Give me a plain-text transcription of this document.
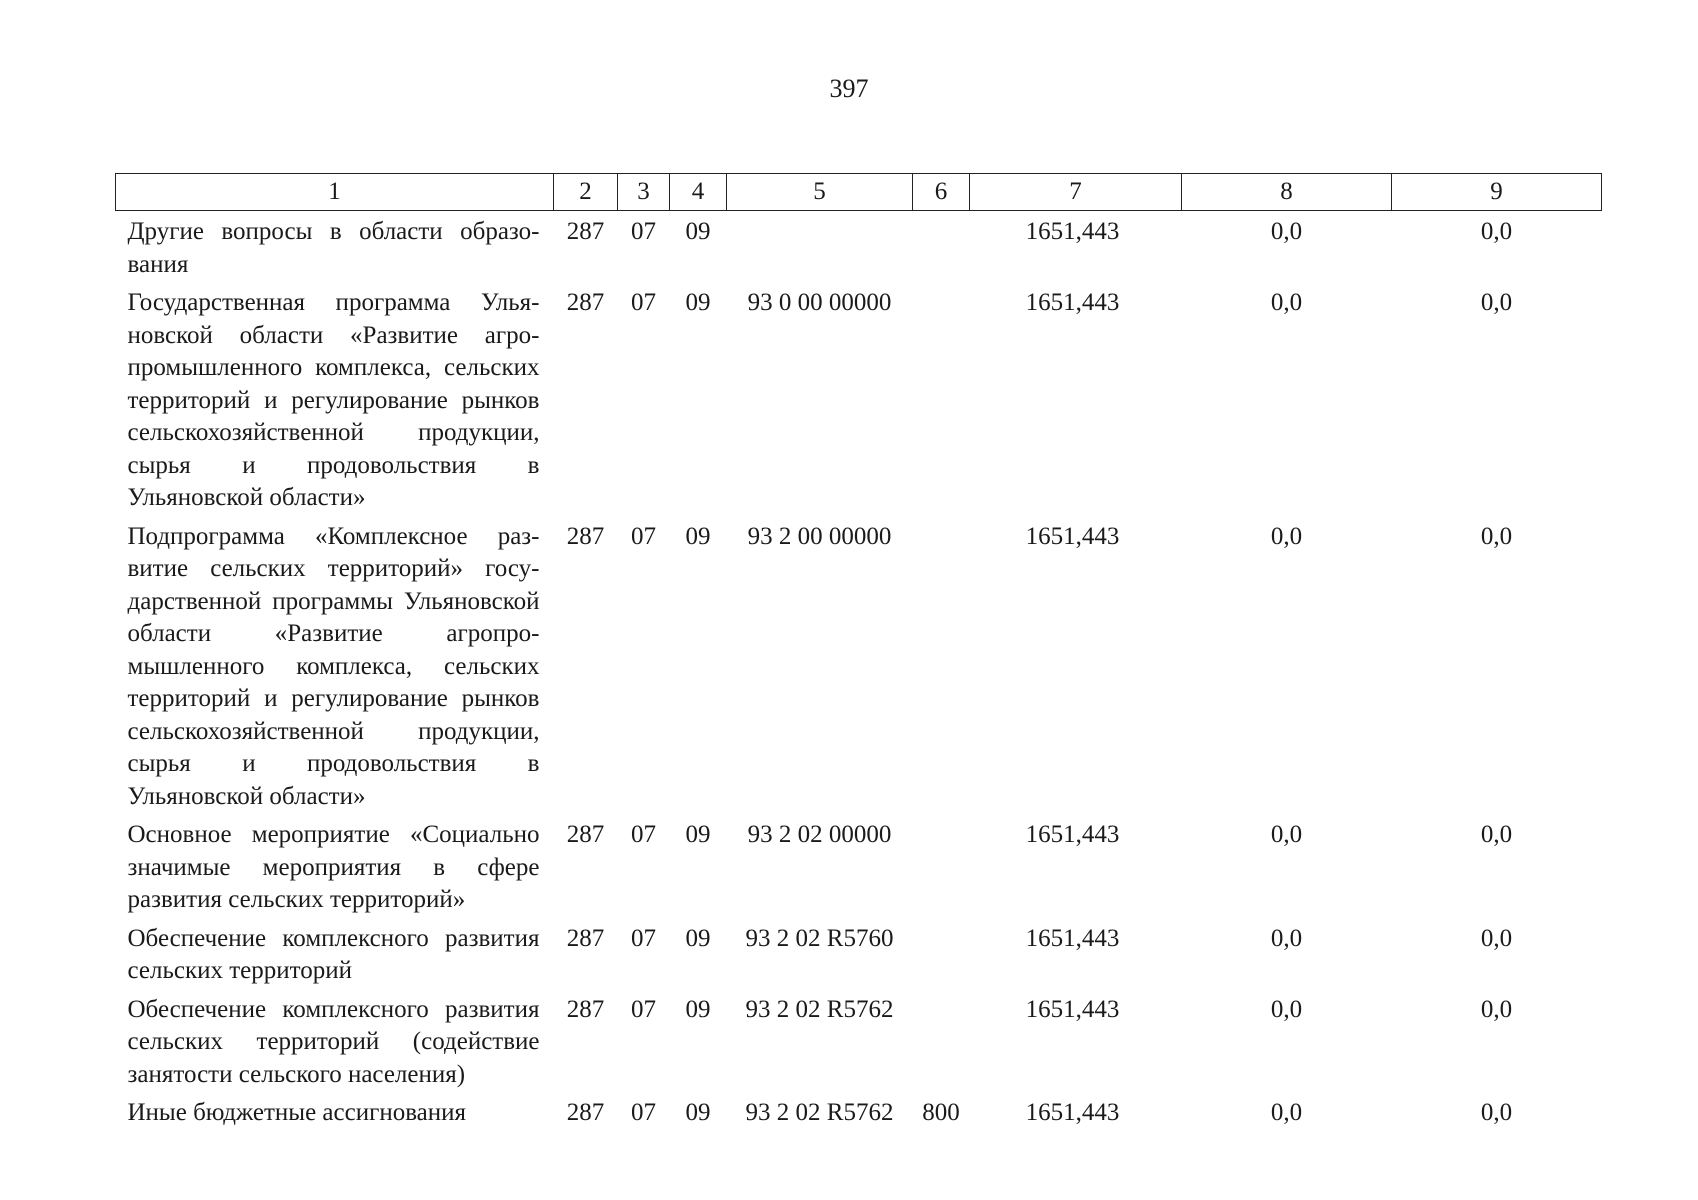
397
1	2	3	4	5	6	7	8	9
Другие вопросы в области образования	287	07	09			1651,443	0,0	0,0
Государственная программа Ульяновской области «Развитие агропромышленного комплекса, сельских территорий и регулирование рынков сельскохозяйственной продукции, сырья и продовольствия в Ульяновской области»	287	07	09	93 0 00 00000		1651,443	0,0	0,0
Подпрограмма «Комплексное развитие сельских территорий» государственной программы Ульяновской области «Развитие агропромышленного комплекса, сельских территорий и регулирование рынков сельскохозяйственной продукции, сырья и продовольствия в Ульяновской области»	287	07	09	93 2 00 00000		1651,443	0,0	0,0
Основное мероприятие «Социально значимые мероприятия в сфере развития сельских территорий»	287	07	09	93 2 02 00000		1651,443	0,0	0,0
Обеспечение комплексного развития сельских территорий	287	07	09	93 2 02 R5760		1651,443	0,0	0,0
Обеспечение комплексного развития сельских территорий (содействие занятости сельского населения)	287	07	09	93 2 02 R5762		1651,443	0,0	0,0
Иные бюджетные ассигнования	287	07	09	93 2 02 R5762	800	1651,443	0,0	0,0
